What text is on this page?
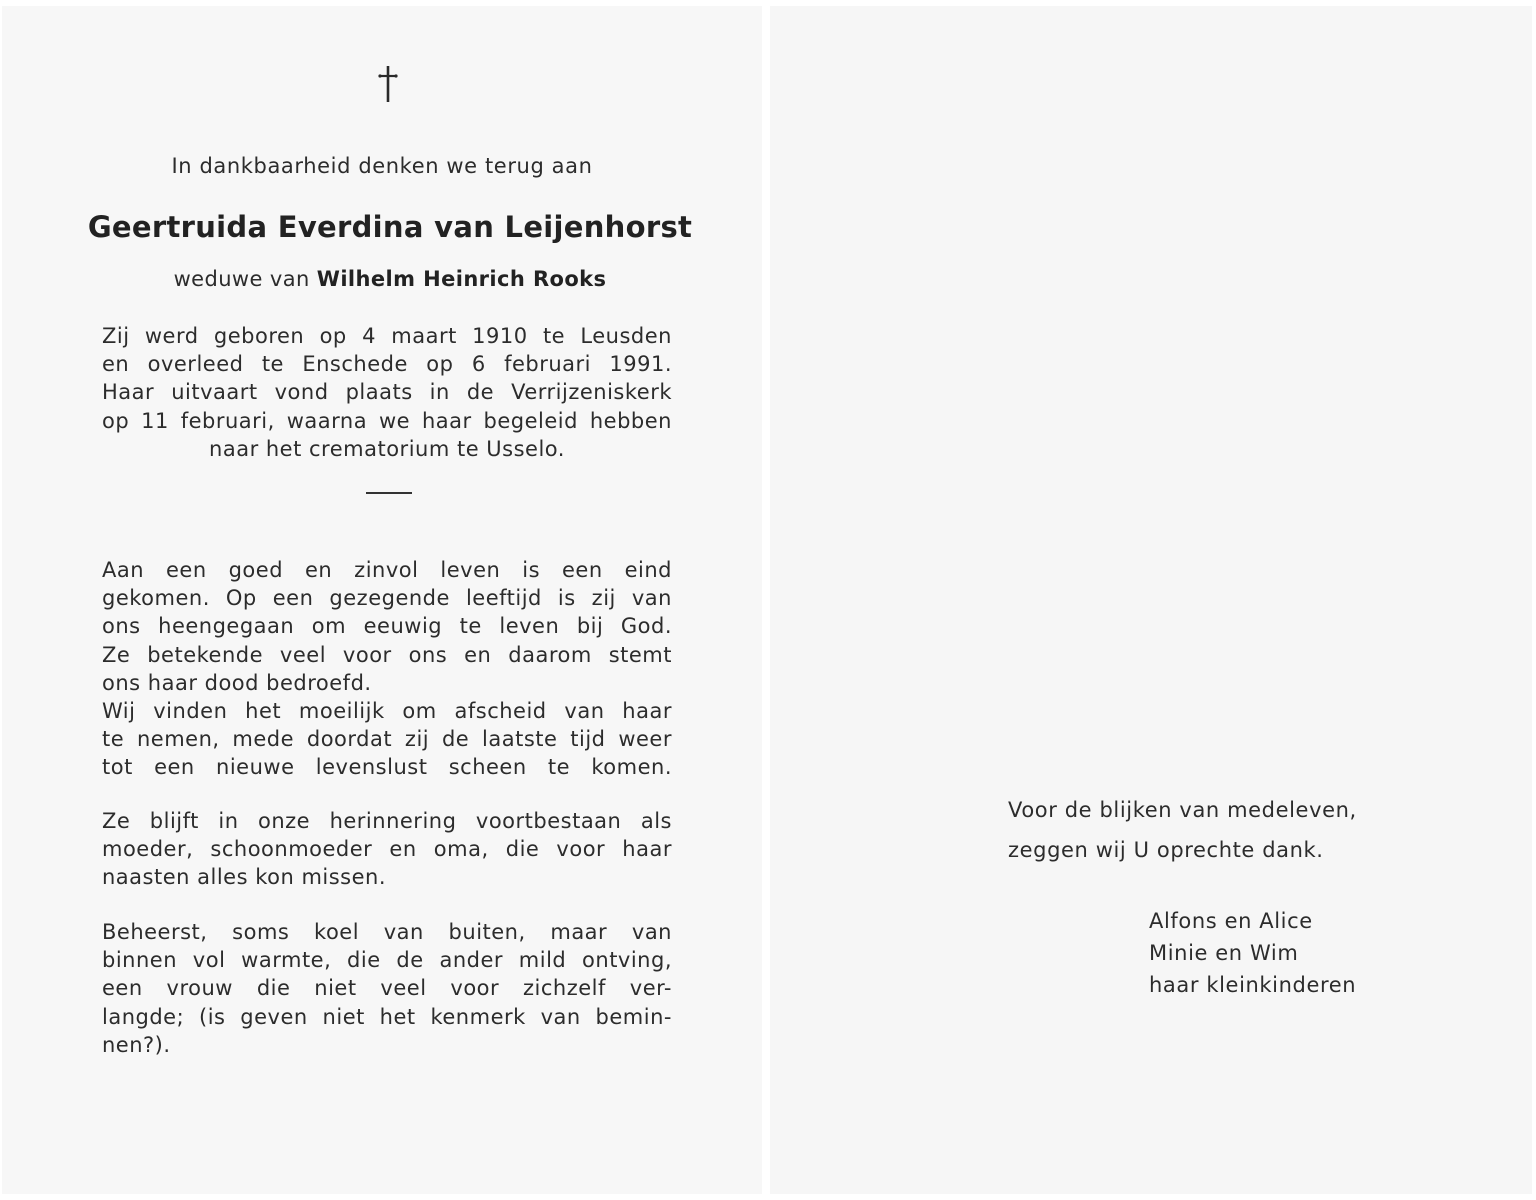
In dankbaarheid denken we terug aan
Geertruida Everdina van Leijenhorst
weduwe van Wilhelm Heinrich Rooks
Zij werd geboren op 4 maart 1910 te Leusden
en overleed te Enschede op 6 februari 1991.
Haar uitvaart vond plaats in de Verrijzeniskerk
op 11 februari, waarna we haar begeleid hebben
naar het crematorium te Usselo.
Aan een goed en zinvol leven is een eind
gekomen. Op een gezegende leeftijd is zij van
ons heengegaan om eeuwig te leven bij God.
Ze betekende veel voor ons en daarom stemt
ons haar dood bedroefd.
Wij vinden het moeilijk om afscheid van haar
te nemen, mede doordat zij de laatste tijd weer
tot een nieuwe levenslust scheen te komen.
Ze blijft in onze herinnering voortbestaan als
moeder, schoonmoeder en oma, die voor haar
naasten alles kon missen.
Beheerst, soms koel van buiten, maar van
binnen vol warmte, die de ander mild ontving,
een vrouw die niet veel voor zichzelf ver-
langde; (is geven niet het kenmerk van bemin-
nen?).
Voor de blijken van medeleven,
zeggen wij U oprechte dank.
Alfons en Alice
Minie en Wim
haar kleinkinderen
